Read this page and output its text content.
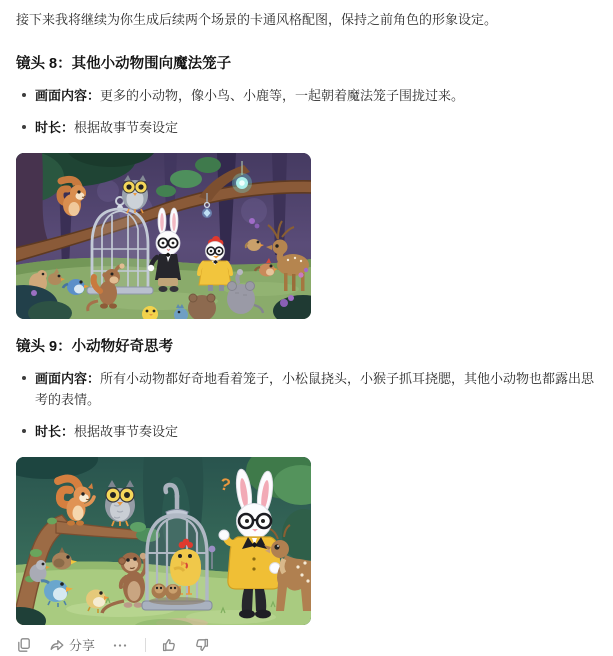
接下来我将继续为你生成后续两个场景的卡通风格配图，保持之前角色的形象设定。

镜头 8：其他小动物围向魔法笼子
画面内容：更多的小动物，像小鸟、小鹿等，一起朝着魔法笼子围拢过来。
时长：根据故事节奏设定
镜头 9：小动物好奇思考
画面内容：所有小动物都好奇地看着笼子，小松鼠挠头，小猴子抓耳挠腮，其他小动物也都露出思考的表情。
时长：根据故事节奏设定
?
分享
